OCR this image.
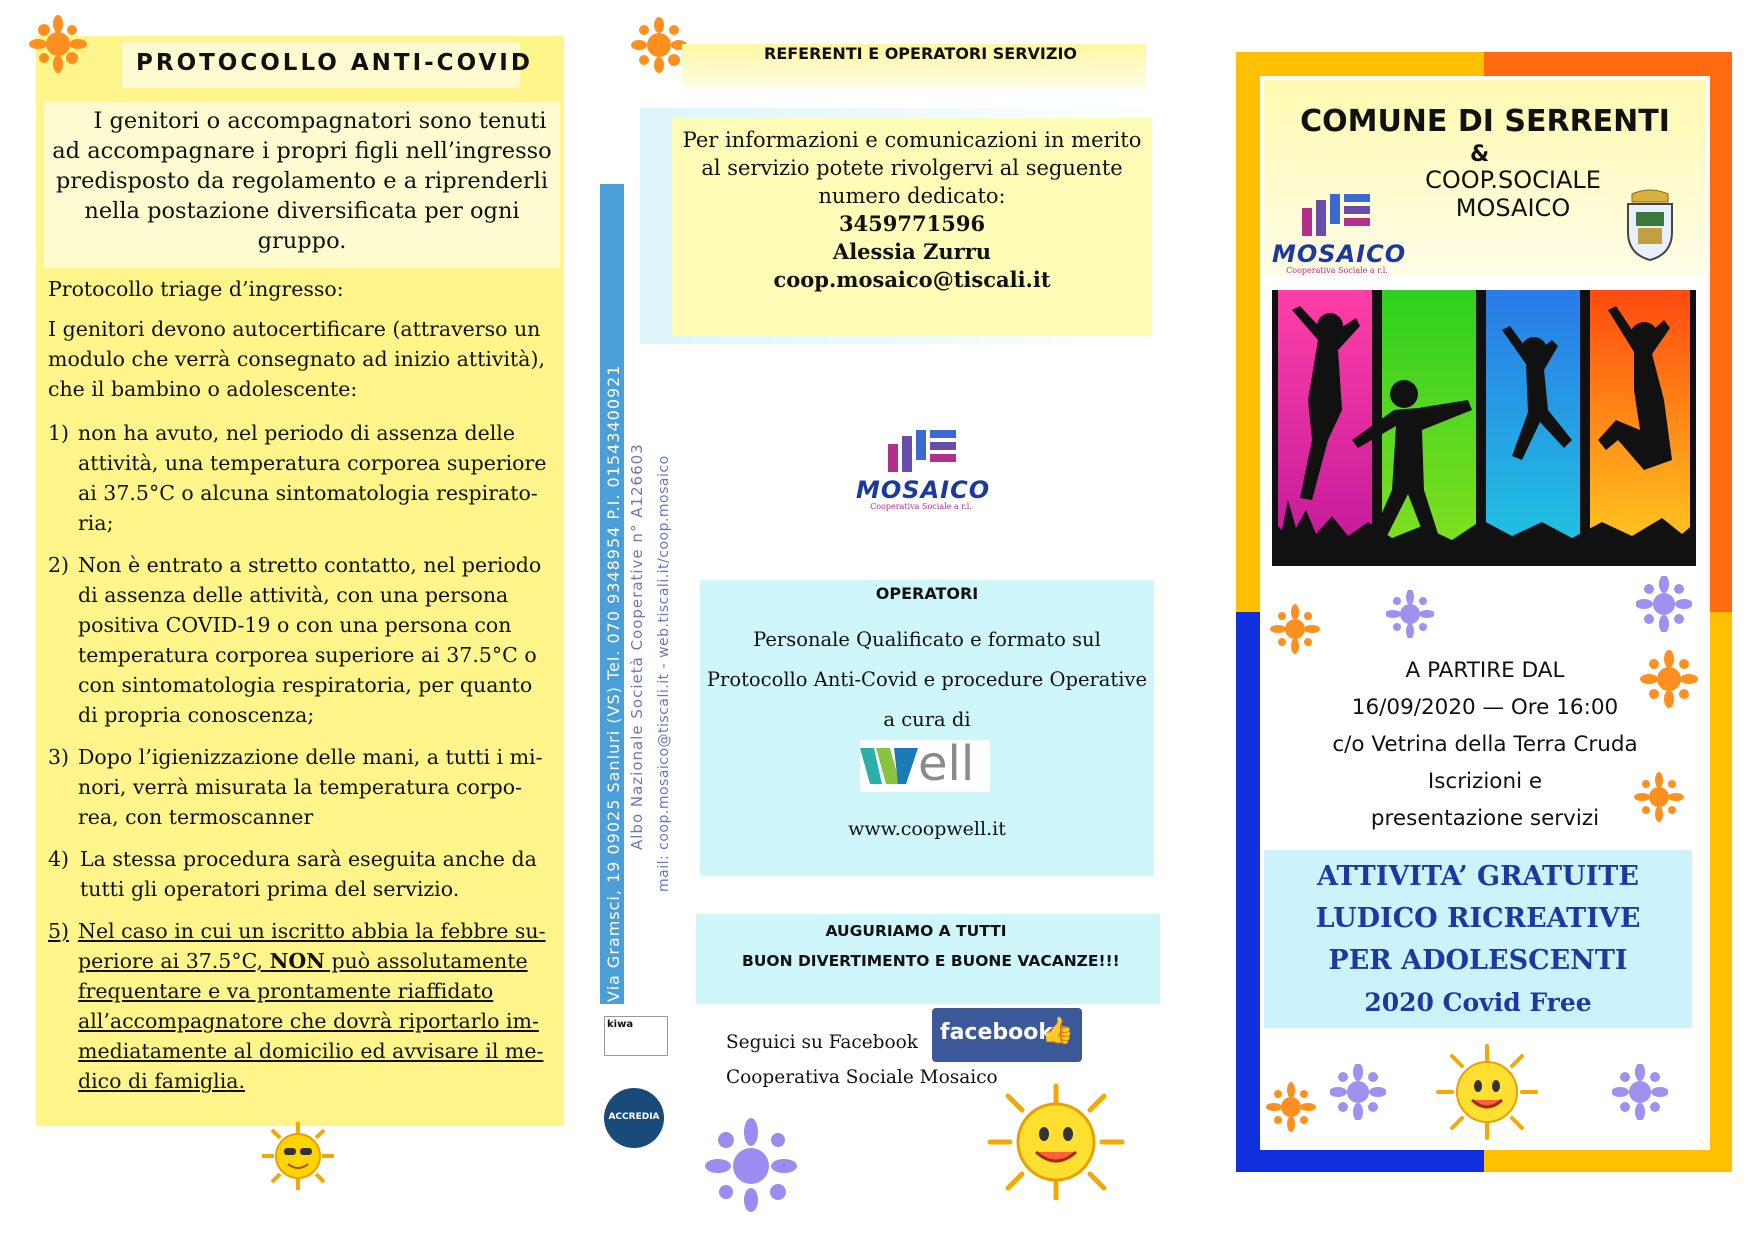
PROTOCOLLO ANTI-COVID
I genitori o accompagnatori sono tenuti
ad accompagnare i propri figli nell’ingresso
predisposto da regolamento e a riprenderli
nella postazione diversificata per ogni
gruppo.
Protocollo triage d’ingresso:
I genitori devono autocertificare (attraverso un
modulo che verrà consegnato ad inizio attività),
che il bambino o adolescente:
1) non ha avuto, nel periodo di assenza delle
attività, una temperatura corporea superiore
ai 37.5°C o alcuna sintomatologia respirato-
ria;
2) Non è entrato a stretto contatto, nel periodo
di assenza delle attività, con una persona
positiva COVID-19 o con una persona con
temperatura corporea superiore ai 37.5°C o
con sintomatologia respiratoria, per quanto
di propria conoscenza;
3) Dopo l’igienizzazione delle mani, a tutti i mi-
nori, verrà misurata la temperatura corpo-
rea, con termoscanner
4) La stessa procedura sarà eseguita anche da
tutti gli operatori prima del servizio.
5) Nel caso in cui un iscritto abbia la febbre su-
periore ai 37.5°C, NON può assolutamente
frequentare e va prontamente riaffidato
all’accompagnatore che dovrà riportarlo im-
mediatamente al domicilio ed avvisare il me-
dico di famiglia.
REFERENTI E OPERATORI SERVIZIO
Per informazioni e comunicazioni in merito
al servizio potete rivolgervi al seguente
numero dedicato:
3459771596
Alessia Zurru
coop.mosaico@tiscali.it
Via Gramsci, 19 09025 Sanluri (VS) Tel. 070 9348954 P.I. 01543400921 Albo Nazionale Società Cooperative n° A126603 mail: coop.mosaico@tiscali.it - web.tiscali.it/coop.mosaico	MOSAICO
Cooperativa Sociale a r.l.
OPERATORI
Personale Qualificato e formato sul
Protocollo Anti-Covid e procedure Operative
a cura di
ell
www.coopwell.it
AUGURIAMO A TUTTI
BUON DIVERTIMENTO E BUONE VACANZE!!!
kiwa
ACCREDIA
Seguici su Facebook
Cooperativa Sociale Mosaico
facebook
👍
COMUNE DI SERRENTI
&
COOP.SOCIALE
MOSAICO
MOSAICO
Cooperativa Sociale a r.l.
A PARTIRE DAL
16/09/2020 — Ore 16:00
c/o Vetrina della Terra Cruda
Iscrizioni e
presentazione servizi
ATTIVITA’ GRATUITE
LUDICO RICREATIVE
PER ADOLESCENTI
2020 Covid Free
